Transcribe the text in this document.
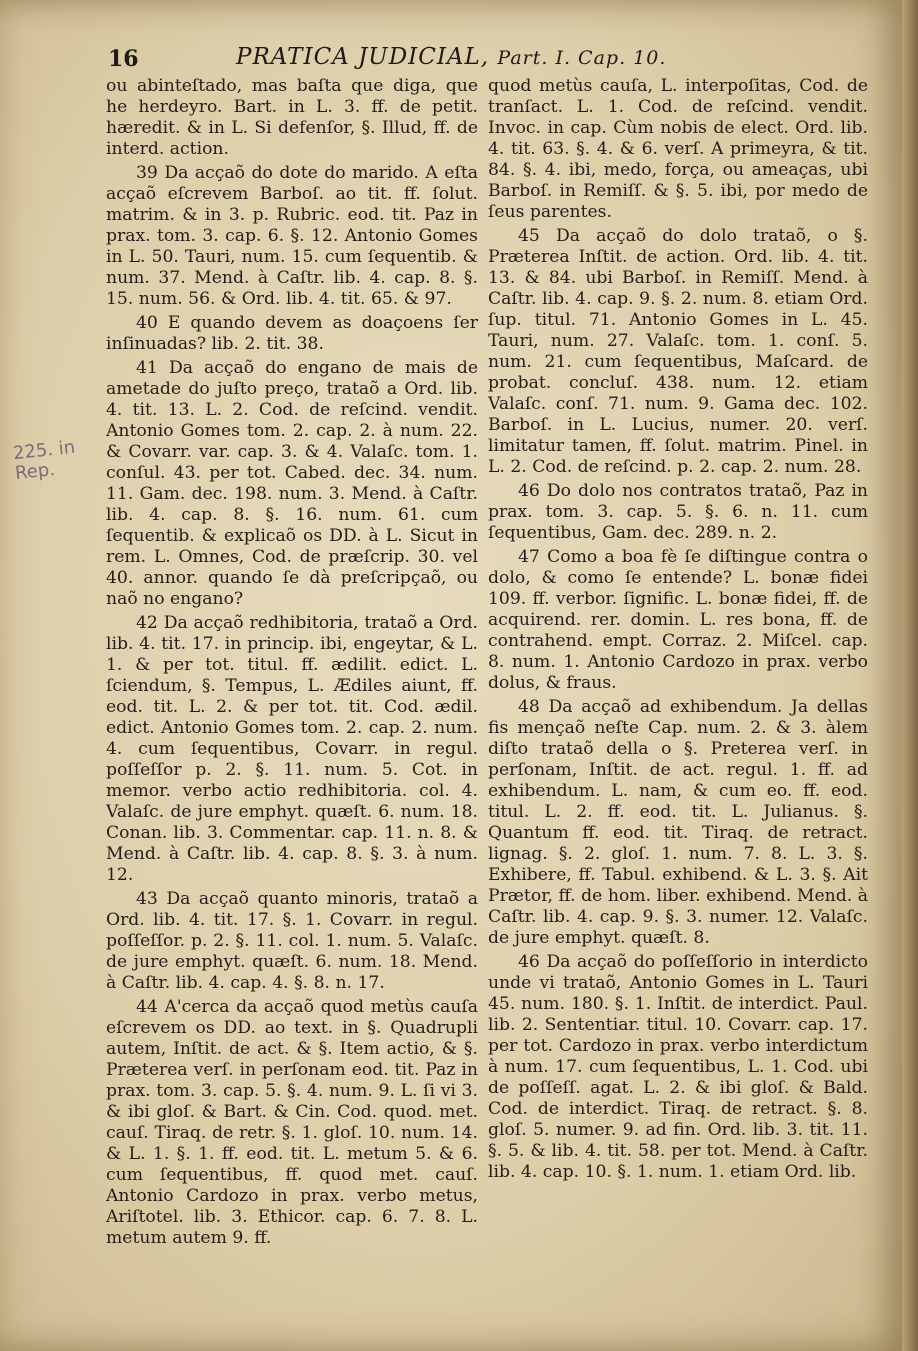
16	PRATICA JUDICIAL, Part. I. Cap. 10.
225. in Rep.

ou abinteſtado, mas baſta que diga, que he herdeyro. Bart. in L. 3. ff. de petit. hæredit. & in L. Si defenſor, §. Illud, ff. de interd. action.

39 Da acçaõ do dote do marido. A eſta acçaõ eſcrevem Barboſ. ao tit. ff. ſolut. matrim. & in 3. p. Rubric. eod. tit. Paz in prax. tom. 3. cap. 6. §. 12. Antonio Gomes in L. 50. Tauri, num. 15. cum ſequentib. & num. 37. Mend. à Caſtr. lib. 4. cap. 8. §. 15. num. 56. & Ord. lib. 4. tit. 65. & 97.

40 E quando devem as doaçoens ſer inſinuadas? lib. 2. tit. 38.

41 Da acçaõ do engano de mais de ametade do juſto preço, trataõ a Ord. lib. 4. tit. 13. L. 2. Cod. de reſcind. vendit. Antonio Gomes tom. 2. cap. 2. à num. 22. & Covarr. var. cap. 3. & 4. Valaſc. tom. 1. conſul. 43. per tot. Cabed. dec. 34. num. 11. Gam. dec. 198. num. 3. Mend. à Caſtr. lib. 4. cap. 8. §. 16. num. 61. cum ſequentib. & explicaõ os DD. à L. Sicut in rem. L. Omnes, Cod. de præſcrip. 30. vel 40. annor. quando ſe dà preſcripçaõ, ou naõ no engano?

42 Da acçaõ redhibitoria, trataõ a Ord. lib. 4. tit. 17. in princip. ibi, engeytar, & L. 1. & per tot. titul. ff. ædilit. edict. L. ſciendum, §. Tempus, L. Ædiles aiunt, ff. eod. tit. L. 2. & per tot. tit. Cod. ædil. edict. Antonio Gomes tom. 2. cap. 2. num. 4. cum ſequentibus, Covarr. in regul. poſſeſſor p. 2. §. 11. num. 5. Cot. in memor. verbo actio redhibitoria. col. 4. Valaſc. de jure emphyt. quæſt. 6. num. 18. Conan. lib. 3. Commentar. cap. 11. n. 8. & Mend. à Caſtr. lib. 4. cap. 8. §. 3. à num. 12.

43 Da acçaõ quanto minoris, trataõ a Ord. lib. 4. tit. 17. §. 1. Covarr. in regul. poſſeſſor. p. 2. §. 11. col. 1. num. 5. Valaſc. de jure emphyt. quæſt. 6. num. 18. Mend. à Caſtr. lib. 4. cap. 4. §. 8. n. 17.

44 A'cerca da acçaõ quod metùs cauſa eſcrevem os DD. ao text. in §. Quadrupli autem, Inſtit. de act. & §. Item actio, & §. Præterea verſ. in perſonam eod. tit. Paz in prax. tom. 3. cap. 5. §. 4. num. 9. L. ſi vi 3. & ibi gloſ. & Bart. & Cin. Cod. quod. met. cauſ. Tiraq. de retr. §. 1. gloſ. 10. num. 14. & L. 1. §. 1. ff. eod. tit. L. metum 5. & 6. cum ſequentibus, ff. quod met. cauſ. Antonio Cardozo in prax. verbo metus, Ariſtotel. lib. 3. Ethicor. cap. 6. 7. 8. L. metum autem 9. ff.

quod metùs cauſa, L. interpoſitas, Cod. de tranſact. L. 1. Cod. de reſcind. vendit. Invoc. in cap. Cùm nobis de elect. Ord. lib. 4. tit. 63. §. 4. & 6. verſ. A primeyra, & tit. 84. §. 4. ibi, medo, força, ou ameaças, ubi Barboſ. in Remiſſ. & §. 5. ibi, por medo de ſeus parentes.

45 Da acçaõ do dolo trataõ, o §. Præterea Inſtit. de action. Ord. lib. 4. tit. 13. & 84. ubi Barboſ. in Remiſſ. Mend. à Caſtr. lib. 4. cap. 9. §. 2. num. 8. etiam Ord. ſup. titul. 71. Antonio Gomes in L. 45. Tauri, num. 27. Valaſc. tom. 1. conſ. 5. num. 21. cum ſequentibus, Maſcard. de probat. concluſ. 438. num. 12. etiam Valaſc. conſ. 71. num. 9. Gama dec. 102. Barboſ. in L. Lucius, numer. 20. verſ. limitatur tamen, ff. ſolut. matrim. Pinel. in L. 2. Cod. de reſcind. p. 2. cap. 2. num. 28.

46 Do dolo nos contratos trataõ, Paz in prax. tom. 3. cap. 5. §. 6. n. 11. cum ſequentibus, Gam. dec. 289. n. 2.

47 Como a boa fè ſe diſtingue contra o dolo, & como ſe entende? L. bonæ fidei 109. ff. verbor. ſignific. L. bonæ fidei, ff. de acquirend. rer. domin. L. res bona, ff. de contrahend. empt. Corraz. 2. Miſcel. cap. 8. num. 1. Antonio Cardozo in prax. verbo dolus, & fraus.

48 Da acçaõ ad exhibendum. Ja dellas fis mençaõ neſte Cap. num. 2. & 3. àlem diſto trataõ della o §. Preterea verſ. in perſonam, Inſtit. de act. regul. 1. ff. ad exhibendum. L. nam, & cum eo. ff. eod. titul. L. 2. ff. eod. tit. L. Julianus. §. Quantum ff. eod. tit. Tiraq. de retract. lignag. §. 2. gloſ. 1. num. 7. 8. L. 3. §. Exhibere, ff. Tabul. exhibend. & L. 3. §. Ait Prætor, ff. de hom. liber. exhibend. Mend. à Caſtr. lib. 4. cap. 9. §. 3. numer. 12. Valaſc. de jure emphyt. quæſt. 8.

46 Da acçaõ do poſſeſſorio in interdicto unde vi trataõ, Antonio Gomes in L. Tauri 45. num. 180. §. 1. Inſtit. de interdict. Paul. lib. 2. Sententiar. titul. 10. Covarr. cap. 17. per tot. Cardozo in prax. verbo interdictum à num. 17. cum ſequentibus, L. 1. Cod. ubi de poſſeſſ. agat. L. 2. & ibi gloſ. & Bald. Cod. de interdict. Tiraq. de retract. §. 8. gloſ. 5. numer. 9. ad fin. Ord. lib. 3. tit. 11. §. 5. & lib. 4. tit. 58. per tot. Mend. à Caſtr. lib. 4. cap. 10. §. 1. num. 1. etiam Ord. lib.
